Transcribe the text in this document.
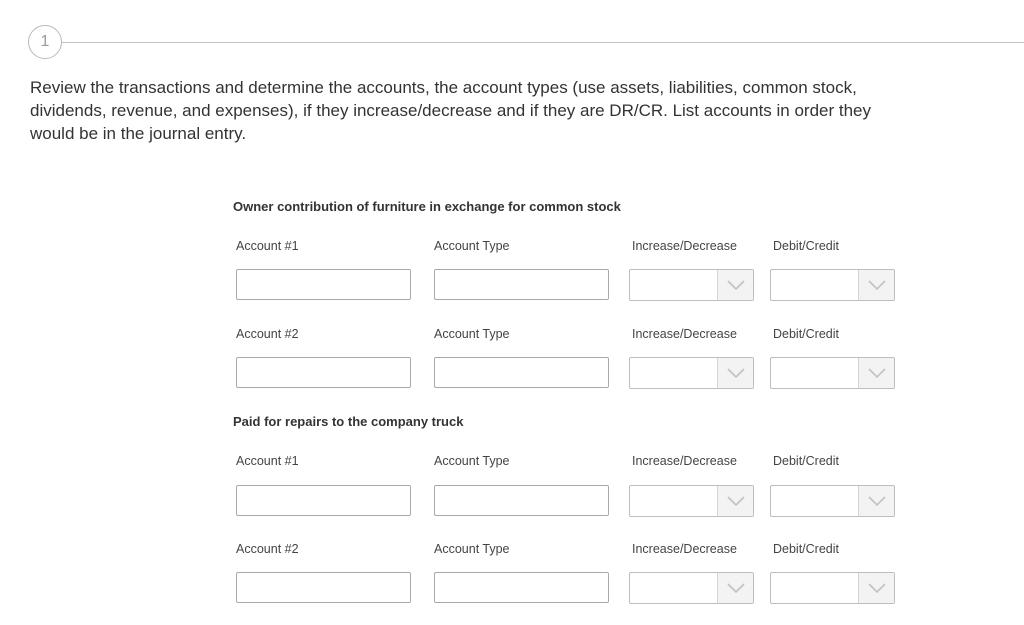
1

Review the transactions and determine the accounts, the account types (use assets, liabilities, common stock, dividends, revenue, and expenses), if they increase/decrease and if they are DR/CR. List accounts in order they would be in the journal entry.

Owner contribution of furniture in exchange for common stock
Account #1	Account Type	Increase/Decrease	Debit/Credit
Account #2	Account Type	Increase/Decrease	Debit/Credit
Paid for repairs to the company truck
Account #1	Account Type	Increase/Decrease	Debit/Credit
Account #2	Account Type	Increase/Decrease	Debit/Credit
